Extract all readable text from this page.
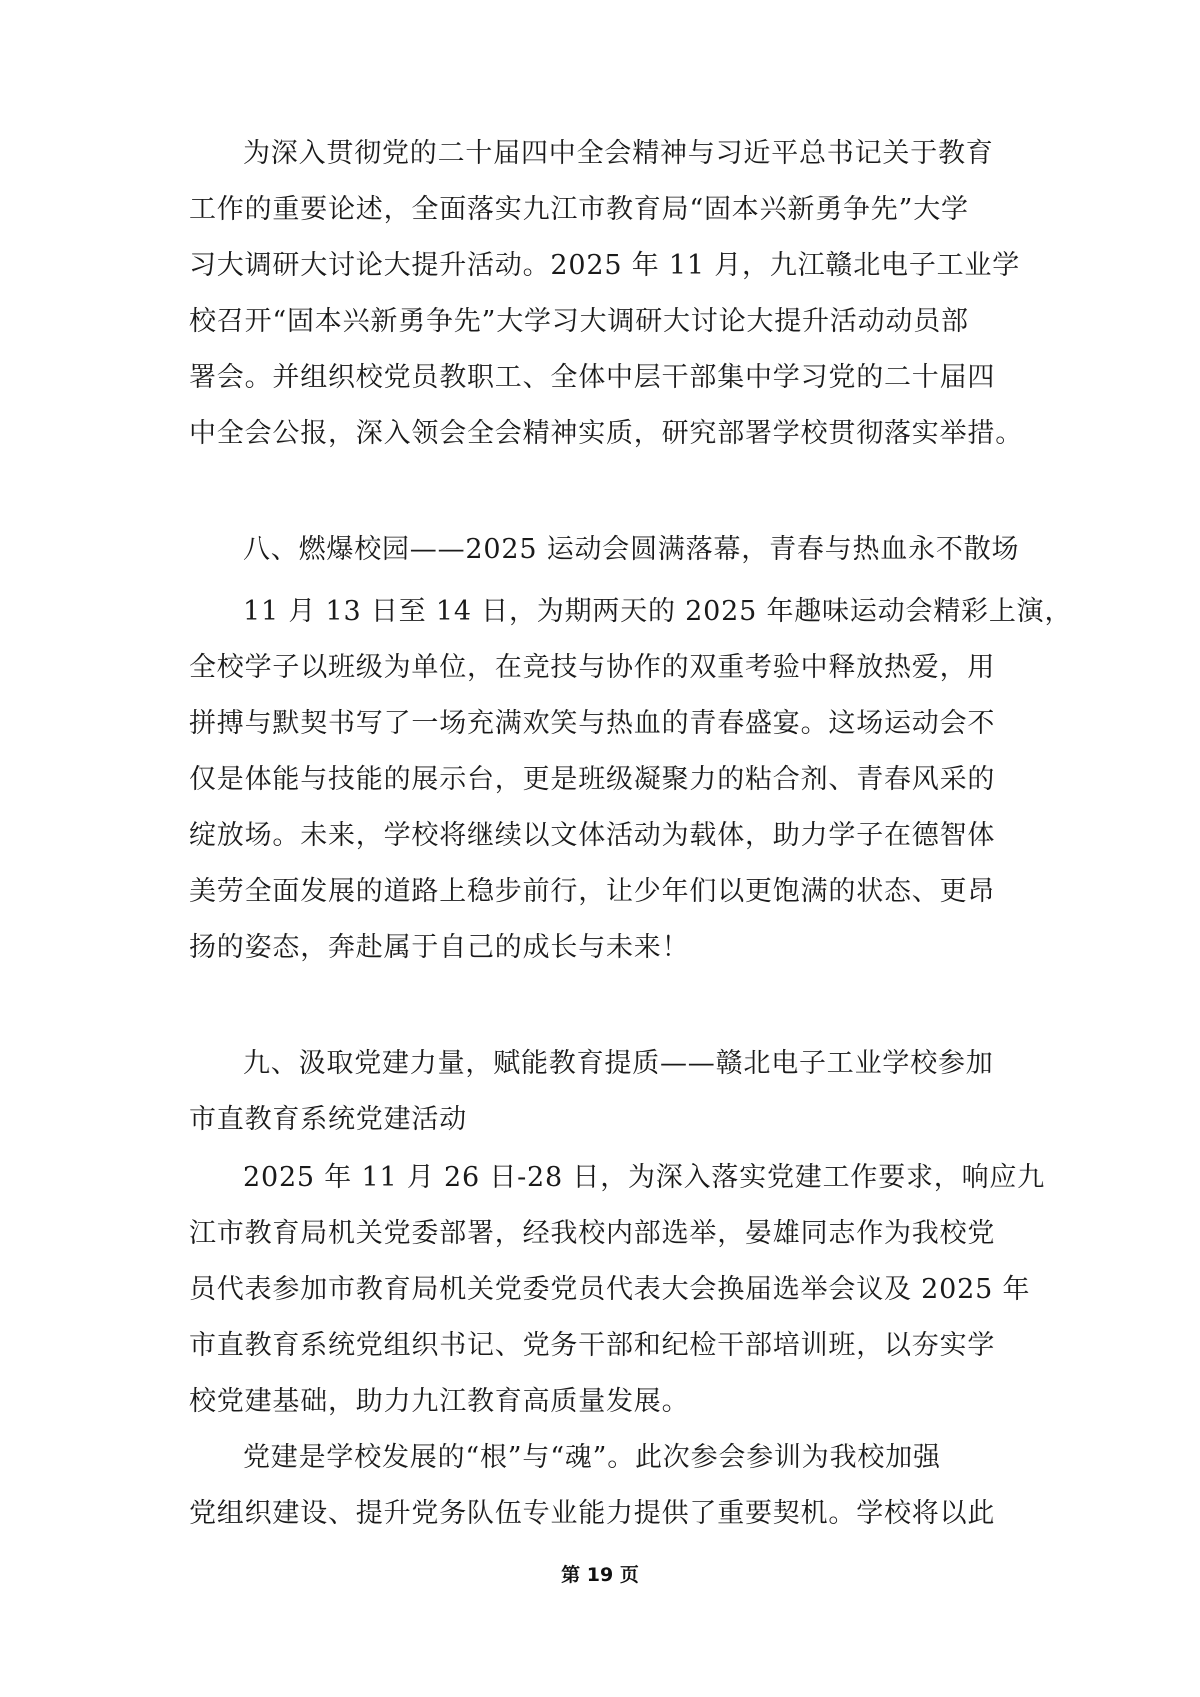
为深入贯彻党的二十届四中全会精神与习近平总书记关于教育
工作的重要论述，全面落实九江市教育局“固本兴新勇争先”大学
习大调研大讨论大提升活动。2025 年 11 月，九江赣北电子工业学
校召开“固本兴新勇争先”大学习大调研大讨论大提升活动动员部
署会。并组织校党员教职工、全体中层干部集中学习党的二十届四
中全会公报，深入领会全会精神实质，研究部署学校贯彻落实举措。
八、燃爆校园——2025 运动会圆满落幕，青春与热血永不散场
11 月 13 日至 14 日，为期两天的 2025 年趣味运动会精彩上演，
全校学子以班级为单位，在竞技与协作的双重考验中释放热爱，用
拼搏与默契书写了一场充满欢笑与热血的青春盛宴。这场运动会不
仅是体能与技能的展示台，更是班级凝聚力的粘合剂、青春风采的
绽放场。未来，学校将继续以文体活动为载体，助力学子在德智体
美劳全面发展的道路上稳步前行，让少年们以更饱满的状态、更昂
扬的姿态，奔赴属于自己的成长与未来！
九、汲取党建力量，赋能教育提质——赣北电子工业学校参加
市直教育系统党建活动
2025 年 11 月 26 日-28 日，为深入落实党建工作要求，响应九
江市教育局机关党委部署，经我校内部选举，晏雄同志作为我校党
员代表参加市教育局机关党委党员代表大会换届选举会议及 2025 年
市直教育系统党组织书记、党务干部和纪检干部培训班，以夯实学
校党建基础，助力九江教育高质量发展。
党建是学校发展的“根”与“魂”。此次参会参训为我校加强
党组织建设、提升党务队伍专业能力提供了重要契机。学校将以此
第 19 页
